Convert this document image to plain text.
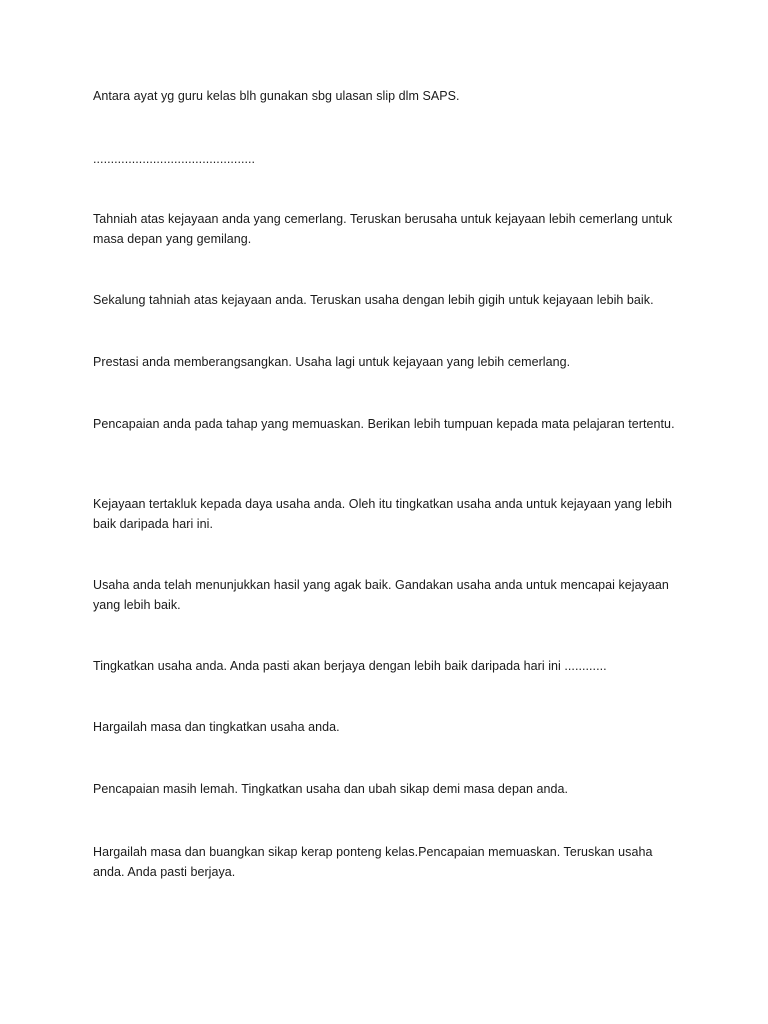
Antara ayat yg guru kelas blh gunakan sbg ulasan slip dlm SAPS.

..............................................

Tahniah atas kejayaan anda yang cemerlang. Teruskan berusaha untuk kejayaan lebih cemerlang untuk masa depan yang gemilang.

Sekalung tahniah atas kejayaan anda. Teruskan usaha dengan lebih gigih untuk kejayaan lebih baik.

Prestasi anda memberangsangkan. Usaha lagi untuk kejayaan yang lebih cemerlang.

Pencapaian anda pada tahap yang memuaskan. Berikan lebih tumpuan kepada mata pelajaran tertentu.

Kejayaan tertakluk kepada daya usaha anda. Oleh itu tingkatkan usaha anda untuk kejayaan yang lebih baik daripada hari ini.

Usaha anda telah menunjukkan hasil yang agak baik. Gandakan usaha anda untuk mencapai kejayaan yang lebih baik.

Tingkatkan usaha anda. Anda pasti akan berjaya dengan lebih baik daripada hari ini ............

Hargailah masa dan tingkatkan usaha anda.

Pencapaian masih lemah. Tingkatkan usaha dan ubah sikap demi masa depan anda.

Hargailah masa dan buangkan sikap kerap ponteng kelas.Pencapaian memuaskan. Teruskan usaha anda. Anda pasti berjaya.
